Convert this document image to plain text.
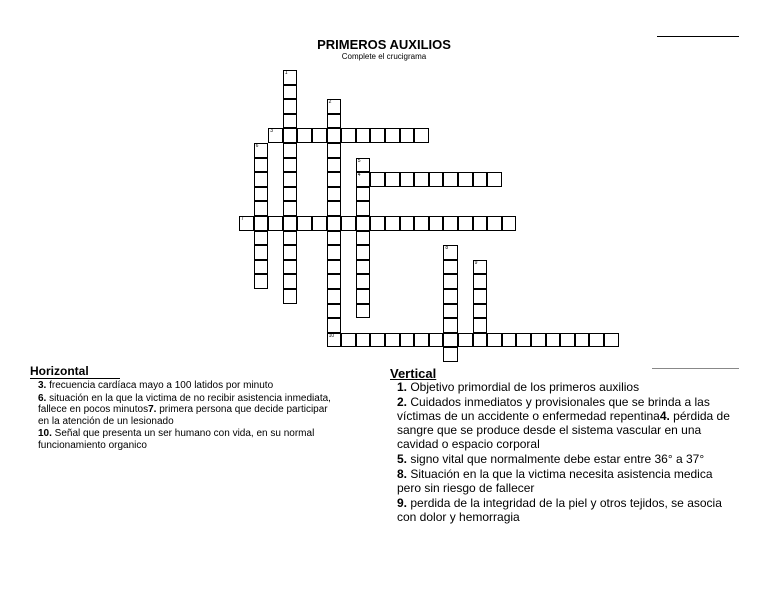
PRIMEROS AUXILIOS
Complete el crucigrama
1
2
3
6
5
4
7
8
9
10
Horizontal
3. frecuencia cardíaca mayo a 100 latidos por minuto
6. situación en la que la victima de no recibir asistencia inmediata, fallece en pocos minutos7. primera persona que decide participar en la atención de un lesionado
10. Señal que presenta un ser humano con vida, en su normal funcionamiento organico
Vertical
1. Objetivo primordial de los primeros auxilios
2. Cuidados inmediatos y provisionales que se brinda a las víctimas de un accidente o enfermedad repentina4. pérdida de sangre que se produce desde el sistema vascular en una cavidad o espacio corporal
5. signo vital que normalmente debe estar entre 36° a 37°
8. Situación en la que la victima necesita asistencia medica pero sin riesgo de fallecer
9. perdida de la integridad de la piel y otros tejidos, se asocia con dolor y hemorragia
